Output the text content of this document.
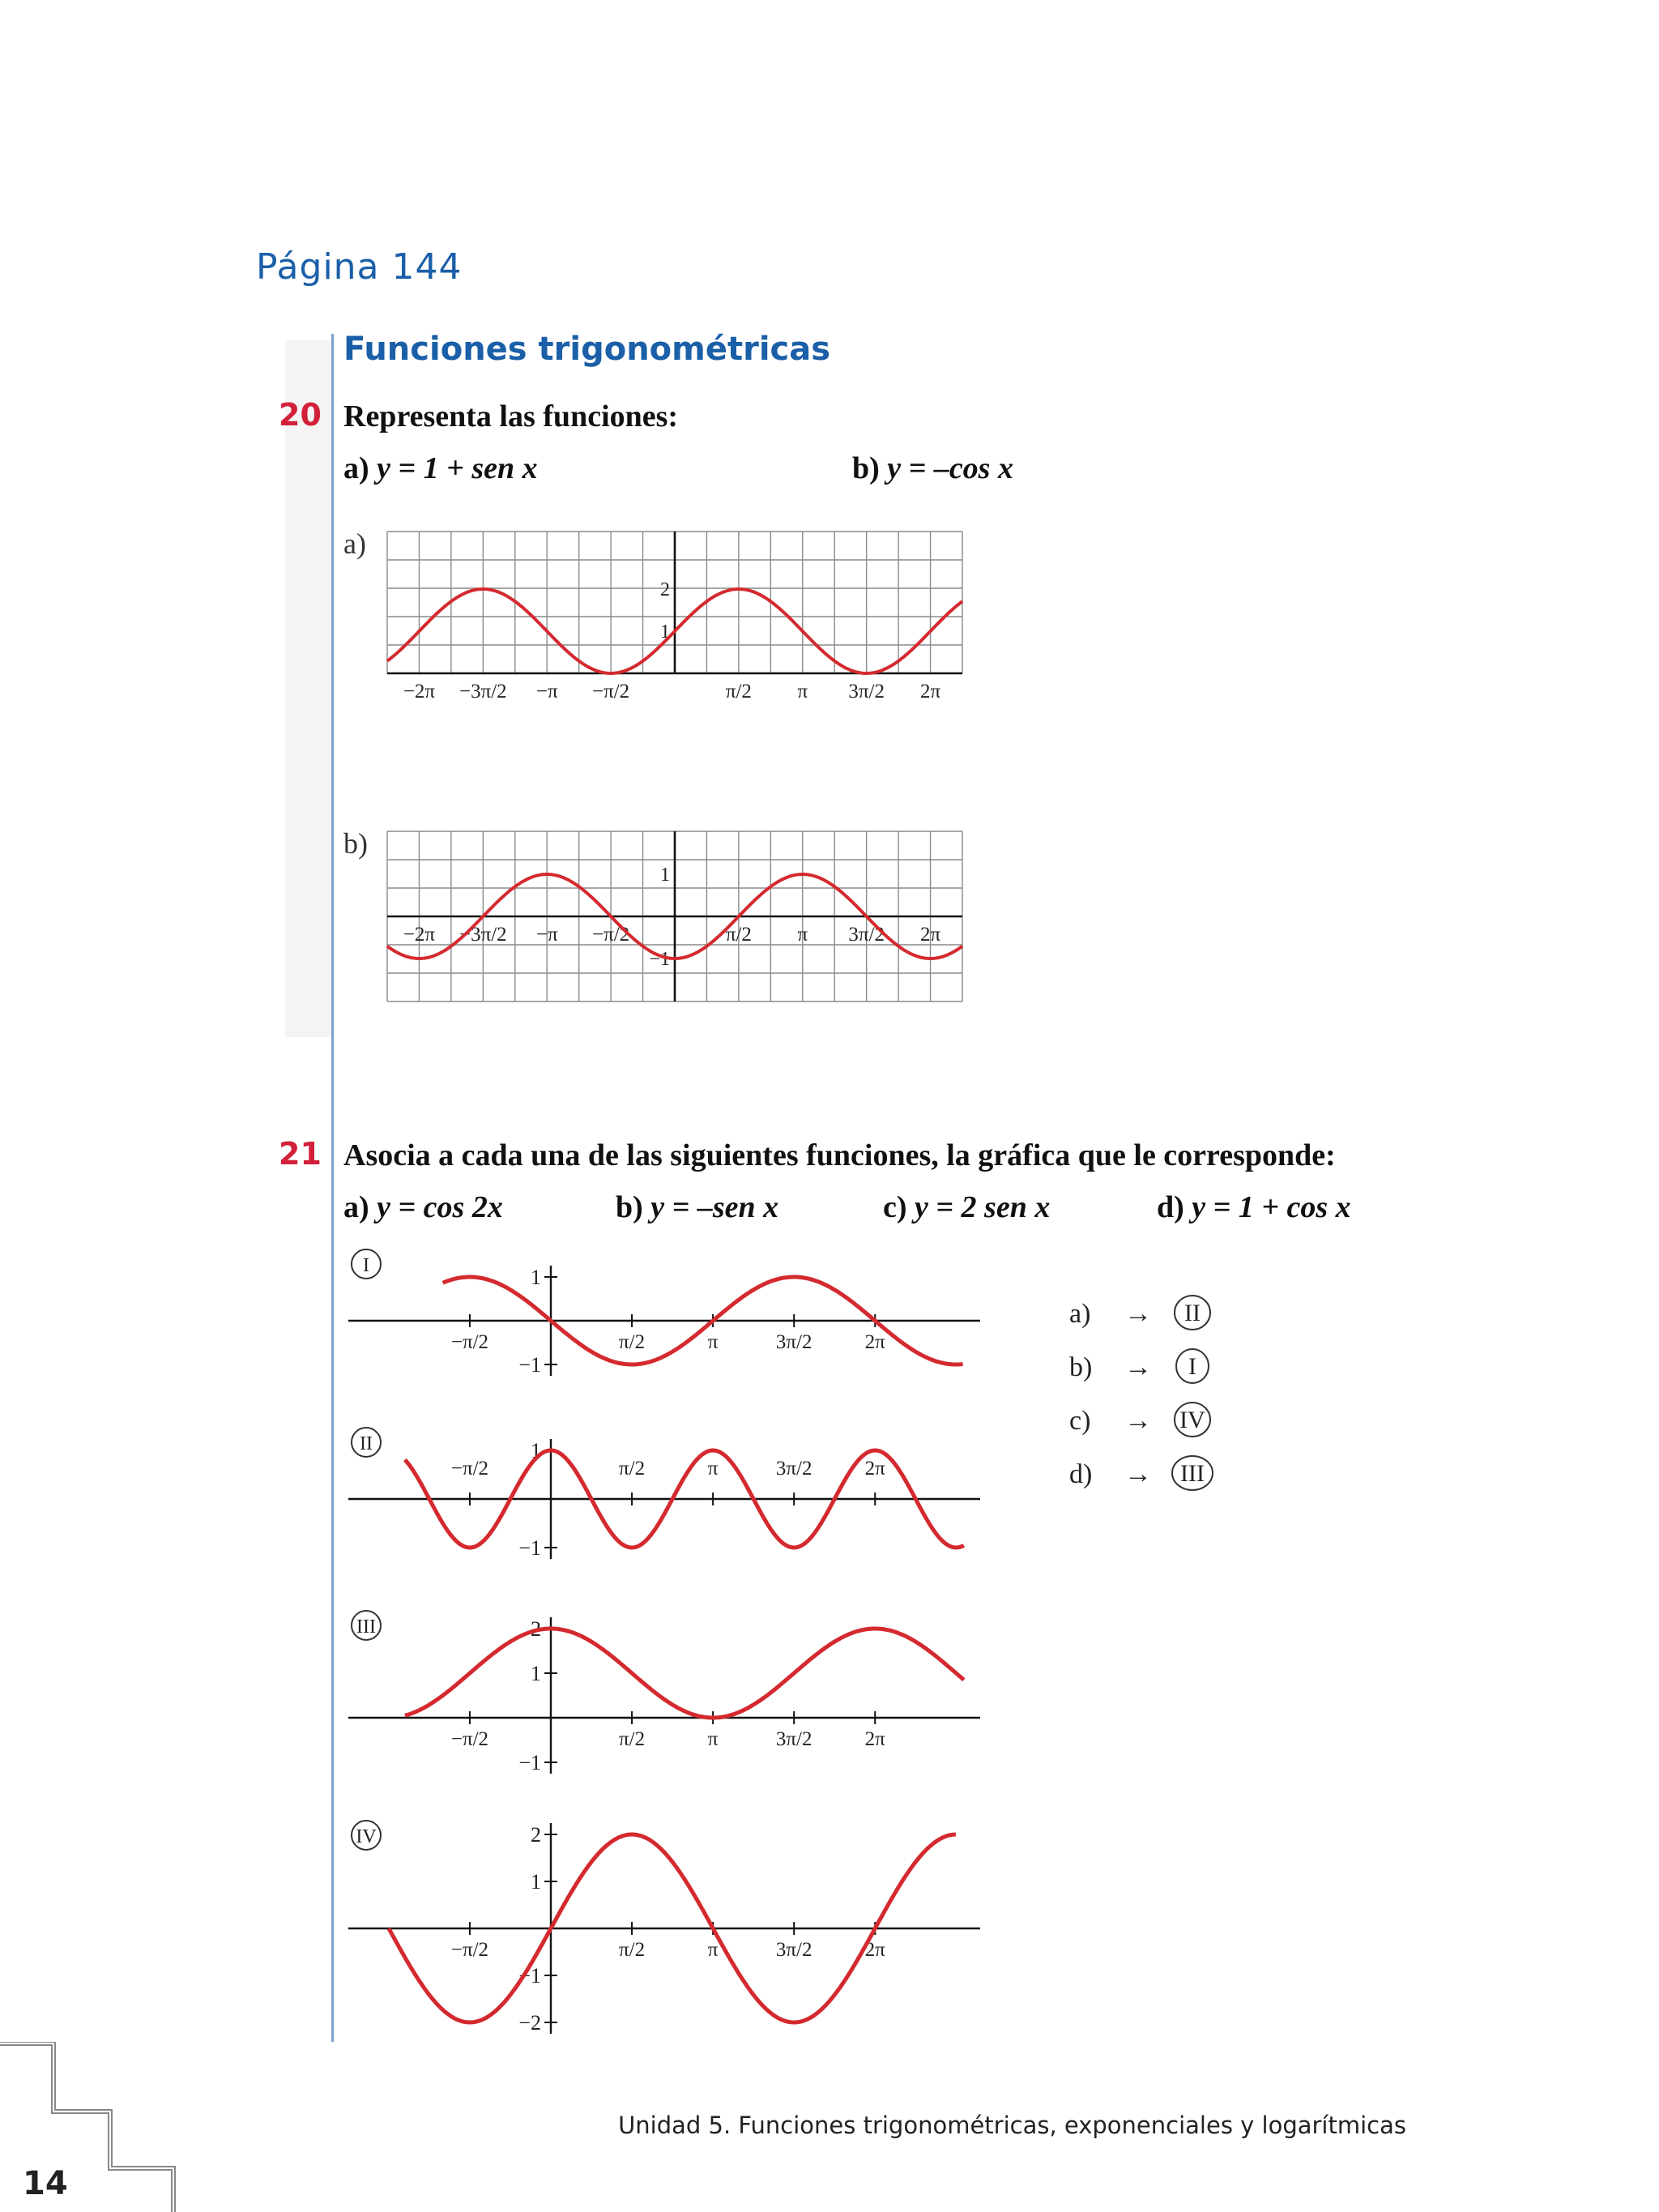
Página 144
Funciones trigonométricas
20 Representa las funciones:
a) y = 1 + sen x	b) y = –cos x
a)
b)
−2π −3π/2 −π −π/2	π/2 π 3π/2 2π
1
2
−2π −3π/2 −π −π/2	π/2 π 3π/2 2π
1
−1
21 Asocia a cada una de las siguientes funciones, la gráfica que le corresponde:
a) y = cos 2x	b) y = –sen x	c) y = 2 sen x	d) y = 1 + cos x
1
−1
−π/2	π/2	π	3π/2	2π
I
1
−1
−π/2	π/2	π	3π/2	2π
II
2
1
−1
−π/2	π/2	π	3π/2	2π
III
2
1
−1
−2
−π/2	π/2	π	3π/2	2π
IV
a) → II
b) → I
c) → IV
d) → III
Unidad 5. Funciones trigonométricas, exponenciales y logarítmicas
14
